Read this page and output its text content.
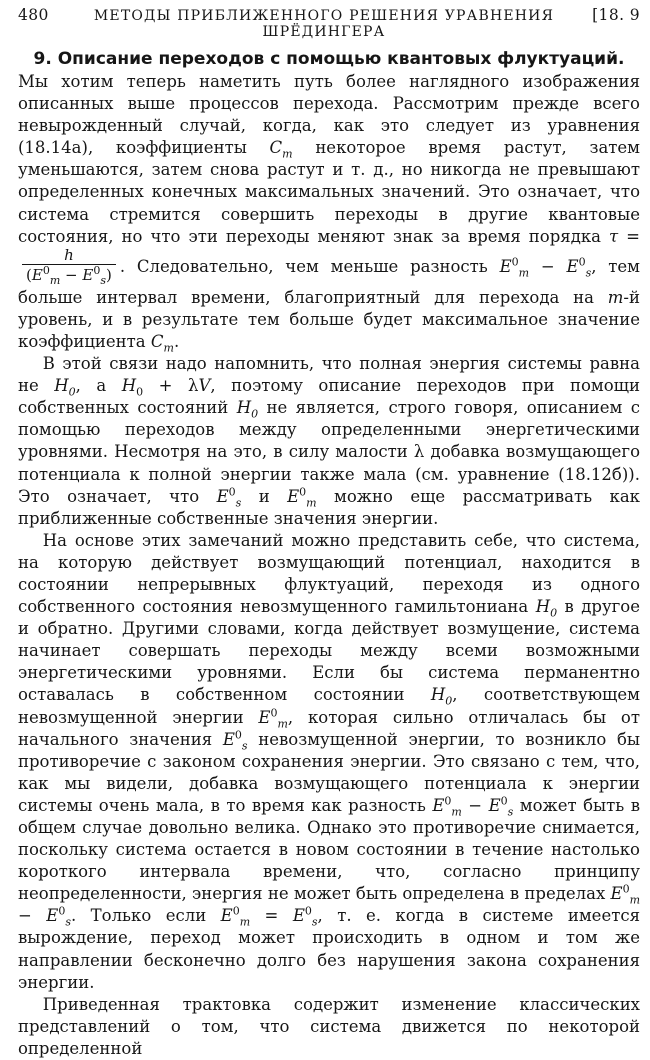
480	МЕТОДЫ ПРИБЛИЖЕННОГО РЕШЕНИЯ УРАВНЕНИЯ ШРЁДИНГЕРА
[18. 9
9. Описание переходов с помощью квантовых флуктуаций.

Мы хотим теперь наметить путь более наглядного изображения описанных выше процессов перехода. Рассмотрим прежде всего невырожденный случай, когда, как это следует из уравнения (18.14а), коэффициенты $C_m$ некоторое время растут, затем уменьшаются, затем снова растут и т. д., но никогда не превышают определенных конечных максимальных значений. Это означает, что система стремится совершить переходы в другие квантовые состояния, но что эти переходы меняют знак за время порядка τ =
$\frac{h}{(E^0_m - E^0_s)}$ . Следовательно, чем меньше разность $E^0_m - E^0_s$, тем больше интервал времени, благоприятный для перехода на m-й уровень, и в результате тем больше будет максимальное значение коэффициента $C_m$.

В этой связи надо напомнить, что полная энергия системы равна не $H_0$, а $H_0 + \lambda V$, поэтому описание переходов при помощи собственных состояний $H_0$ не является, строго говоря, описанием с помощью переходов между определенными энергетическими уровнями. Несмотря на это, в силу малости λ добавка возмущающего потенциала к полной энергии также мала (см. уравнение (18.12б)). Это означает, что $E^0_s$ и $E^0_m$ можно еще рассматривать как приближенные собственные значения энергии.

На основе этих замечаний можно представить себе, что система, на которую действует возмущающий потенциал, находится в состоянии непрерывных флуктуаций, переходя из одного собственного состояния невозмущенного гамильтониана $H_0$ в другое и обратно. Другими словами, когда действует возмущение, система начинает совершать переходы между всеми возможными энергетическими уровнями. Если бы система перманентно оставалась в собственном состоянии $H_0$, соответствующем невозмущенной энергии $E^0_m$, которая сильно отличалась бы от начального значения $E^0_s$ невозмущенной энергии, то возникло бы противоречие с законом сохранения энергии. Это связано с тем, что, как мы видели, добавка возмущающего потенциала к энергии системы очень мала, в то время как разность $E^0_m - E^0_s$ может быть в общем случае довольно велика. Однако это противоречие снимается, поскольку система остается в новом состоянии в течение настолько короткого интервала времени, что, согласно принципу неопределенности, энергия не может быть определена в пределах $E^0_m - E^0_s$. Только если $E^0_m = E^0_s$, т. е. когда в системе имеется вырождение, переход может происходить в одном и том же направлении бесконечно долго без нарушения закона сохранения энергии.

Приведенная трактовка содержит изменение классических представлений о том, что система движется по некоторой определенной
